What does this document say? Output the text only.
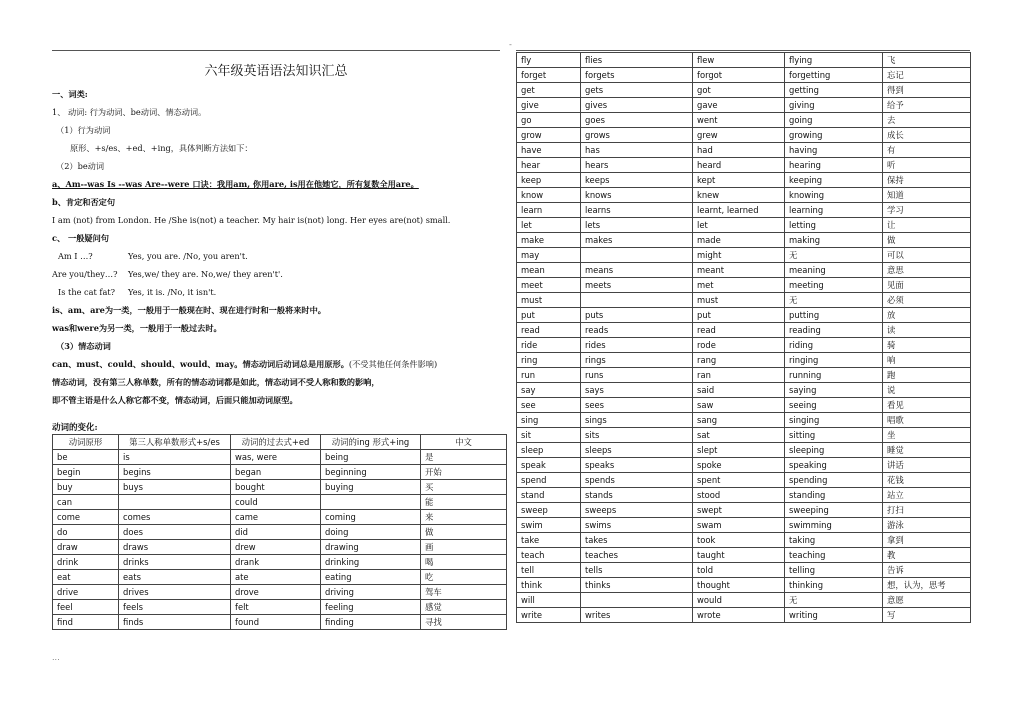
-
...
六年级英语语法知识汇总
一、词类:
1、 动词: 行为动词、be动词、情态动词。
（1）行为动词
原形、+s/es、+ed、+ing，具体判断方法如下：
（2）be动词
a、Am--was Is --was Are--were 口诀：我用am, 你用are, is用在他她它，所有复数全用are。
b、肯定和否定句
I am (not) from London. He /She is(not) a teacher. My hair is(not) long. Her eyes are(not) small.
c、 一般疑问句
Am I …?	Yes, you are. /No, you aren't.
Are you/they…? Yes,we/ they are. No,we/ they aren't'.
Is the cat fat? Yes, it is. /No, it isn't.
is、am、are为一类，一般用于一般现在时、现在进行时和一般将来时中。
was和were为另一类，一般用于一般过去时。
（3）情态动词
can、must、could、should、would、may。情态动词后动词总是用原形。(不受其他任何条件影响)
情态动词，没有第三人称单数，所有的情态动词都是如此，情态动词不受人称和数的影响，
即不管主语是什么人称它都不变，情态动词，后面只能加动词原型。
动词的变化:
动词原形	第三人称单数形式+s/es	动词的过去式+ed	动词的ing 形式+ing	中文
be	is	was, were	being	是
begin	begins	began	beginning	开始
buy	buys	bought	buying	买
can		could		能
come	comes	came	coming	来
do	does	did	doing	做
draw	draws	drew	drawing	画
drink	drinks	drank	drinking	喝
eat	eats	ate	eating	吃
drive	drives	drove	driving	驾车
feel	feels	felt	feeling	感觉
find	finds	found	finding	寻找
fly	flies	flew	flying	飞
forget	forgets	forgot	forgetting	忘记
get	gets	got	getting	得到
give	gives	gave	giving	给予
go	goes	went	going	去
grow	grows	grew	growing	成长
have	has	had	having	有
hear	hears	heard	hearing	听
keep	keeps	kept	keeping	保持
know	knows	knew	knowing	知道
learn	learns	learnt, learned	learning	学习
let	lets	let	letting	让
make	makes	made	making	做
may		might	无	可以
mean	means	meant	meaning	意思
meet	meets	met	meeting	见面
must		must	无	必须
put	puts	put	putting	放
read	reads	read	reading	读
ride	rides	rode	riding	骑
ring	rings	rang	ringing	响
run	runs	ran	running	跑
say	says	said	saying	说
see	sees	saw	seeing	看见
sing	sings	sang	singing	唱歌
sit	sits	sat	sitting	坐
sleep	sleeps	slept	sleeping	睡觉
speak	speaks	spoke	speaking	讲话
spend	spends	spent	spending	花钱
stand	stands	stood	standing	站立
sweep	sweeps	swept	sweeping	打扫
swim	swims	swam	swimming	游泳
take	takes	took	taking	拿到
teach	teaches	taught	teaching	教
tell	tells	told	telling	告诉
think	thinks	thought	thinking	想，认为，思考
will		would	无	意愿
write	writes	wrote	writing	写
